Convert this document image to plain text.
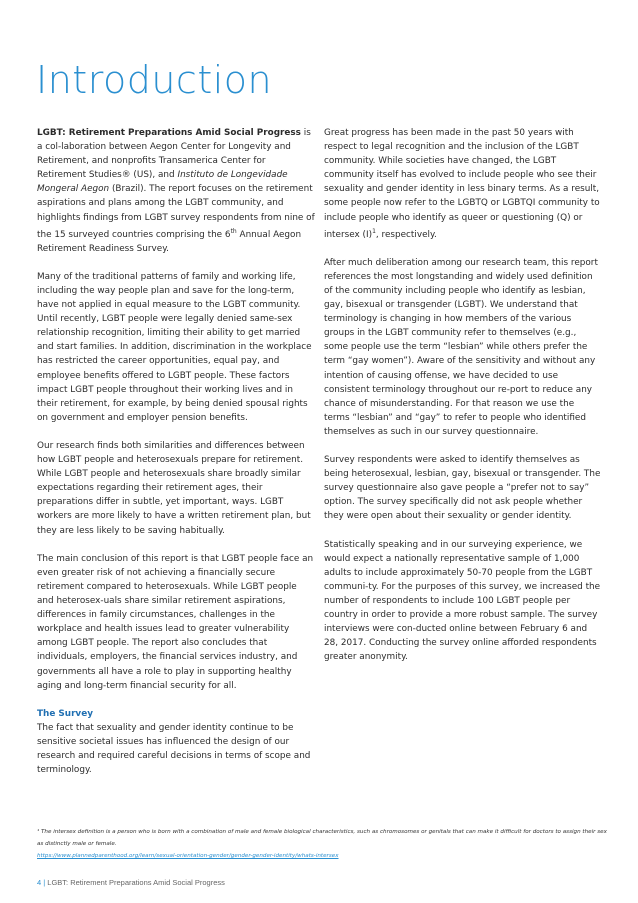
Introduction

LGBT: Retirement Preparations Amid Social Progress is a col-laboration between Aegon Center for Longevity and Retirement, and nonprofits Transamerica Center for Retirement Studies® (US), and Instituto de Longevidade Mongeral Aegon (Brazil). The report focuses on the retirement aspirations and plans among the LGBT community, and highlights findings from LGBT survey respondents from nine of the 15 surveyed countries comprising the 6th Annual Aegon Retirement Readiness Survey.

Many of the traditional patterns of family and working life, including the way people plan and save for the long-term, have not applied in equal measure to the LGBT community. Until recently, LGBT people were legally denied same-sex relationship recognition, limiting their ability to get married and start families. In addition, discrimination in the workplace has restricted the career opportunities, equal pay, and employee benefits offered to LGBT people. These factors impact LGBT people throughout their working lives and in their retirement, for example, by being denied spousal rights on government and employer pension benefits.

Our research finds both similarities and differences between how LGBT people and heterosexuals prepare for retirement. While LGBT people and heterosexuals share broadly similar expectations regarding their retirement ages, their preparations differ in subtle, yet important, ways. LGBT workers are more likely to have a written retirement plan, but they are less likely to be saving habitually.

The main conclusion of this report is that LGBT people face an even greater risk of not achieving a financially secure retirement compared to heterosexuals. While LGBT people and heterosex-uals share similar retirement aspirations, differences in family circumstances, challenges in the workplace and health issues lead to greater vulnerability among LGBT people. The report also concludes that individuals, employers, the financial services industry, and governments all have a role to play in supporting healthy aging and long-term financial security for all.

The Survey

The fact that sexuality and gender identity continue to be sensitive societal issues has influenced the design of our research and required careful decisions in terms of scope and terminology.

Great progress has been made in the past 50 years with respect to legal recognition and the inclusion of the LGBT community. While societies have changed, the LGBT community itself has evolved to include people who see their sexuality and gender identity in less binary terms. As a result, some people now refer to the LGBTQ or LGBTQI community to include people who identify as queer or questioning (Q) or intersex $(I)^1$, respectively.

After much deliberation among our research team, this report references the most longstanding and widely used definition of the community including people who identify as lesbian, gay, bisexual or transgender (LGBT). We understand that terminology is changing in how members of the various groups in the LGBT community refer to themselves (e.g., some people use the term “lesbian” while others prefer the term “gay women”). Aware of the sensitivity and without any intention of causing offense, we have decided to use consistent terminology throughout our re-port to reduce any chance of misunderstanding. For that reason we use the terms “lesbian” and “gay” to refer to people who identified themselves as such in our survey questionnaire.

Survey respondents were asked to identify themselves as being heterosexual, lesbian, gay, bisexual or transgender. The survey questionnaire also gave people a “prefer not to say” option. The survey specifically did not ask people whether they were open about their sexuality or gender identity.

Statistically speaking and in our surveying experience, we would expect a nationally representative sample of 1,000 adults to include approximately 50-70 people from the LGBT communi-ty. For the purposes of this survey, we increased the number of respondents to include 100 LGBT people per country in order to provide a more robust sample. The survey interviews were con-ducted online between February 6 and 28, 2017. Conducting the survey online afforded respondents greater anonymity.

¹ The intersex definition is a person who is born with a combination of male and female biological characteristics, such as chromosomes or genitals that can make it difficult for doctors to assign their sex as distinctly male or female.
https://www.plannedparenthood.org/learn/sexual-orientation-gender/gender-gender-identity/whats-intersex
4 | LGBT: Retirement Preparations Amid Social Progress
